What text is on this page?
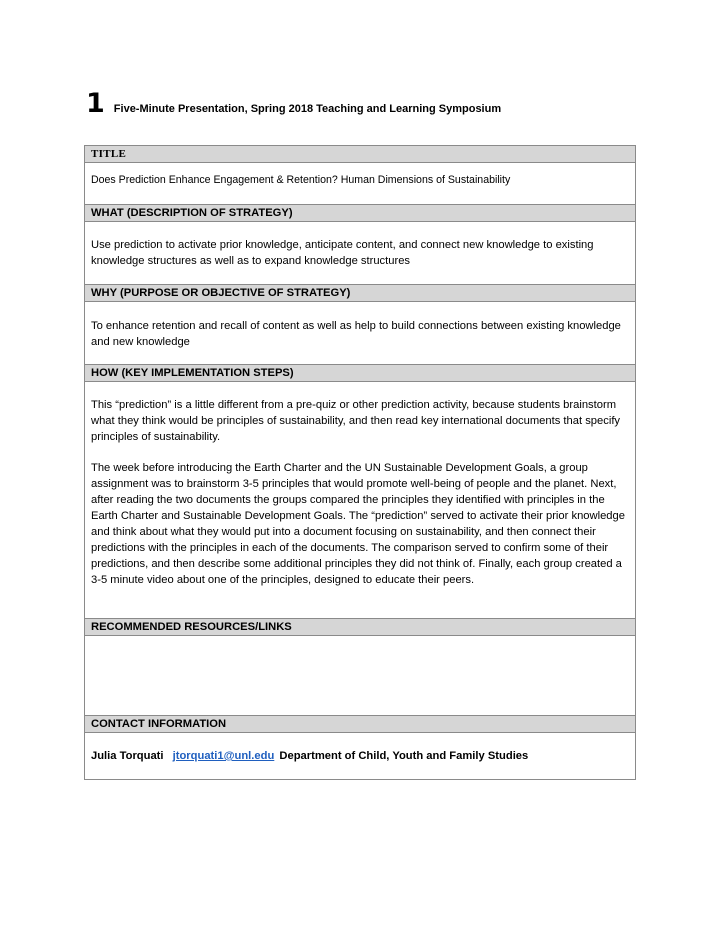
1 Five-Minute Presentation, Spring 2018 Teaching and Learning Symposium
TITLE
Does Prediction Enhance Engagement & Retention? Human Dimensions of Sustainability
WHAT (DESCRIPTION OF STRATEGY)
Use prediction to activate prior knowledge, anticipate content, and connect new knowledge to existing knowledge structures as well as to expand knowledge structures
WHY (PURPOSE OR OBJECTIVE OF STRATEGY)
To enhance retention and recall of content as well as help to build connections between existing knowledge and new knowledge
HOW (KEY IMPLEMENTATION STEPS)

This “prediction” is a little different from a pre-quiz or other prediction activity, because students brainstorm what they think would be principles of sustainability, and then read key international documents that specify principles of sustainability.

The week before introducing the Earth Charter and the UN Sustainable Development Goals, a group assignment was to brainstorm 3-5 principles that would promote well-being of people and the planet. Next, after reading the two documents the groups compared the principles they identified with principles in the Earth Charter and Sustainable Development Goals. The “prediction” served to activate their prior knowledge and think about what they would put into a document focusing on sustainability, and then connect their predictions with the principles in each of the documents. The comparison served to confirm some of their predictions, and then describe some additional principles they did not think of. Finally, each group created a 3-5 minute video about one of the principles, designed to educate their peers.

RECOMMENDED RESOURCES/LINKS

CONTACT INFORMATION
Julia Torquati jtorquati1@unl.edu Department of Child, Youth and Family Studies
